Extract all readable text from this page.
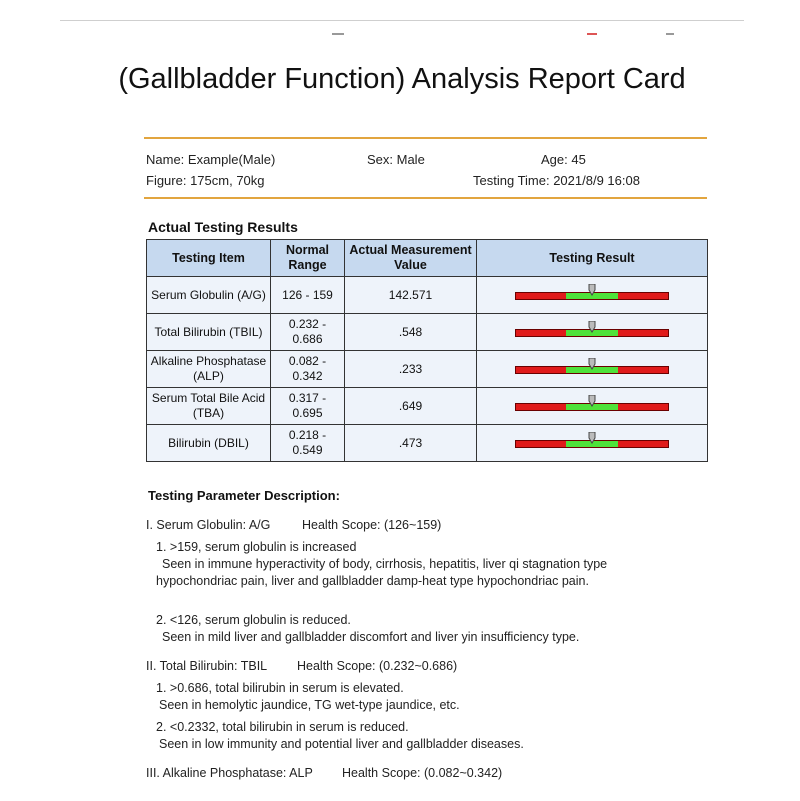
(Gallbladder Function) Analysis Report Card
Name: Example(Male)	Sex: Male	Age: 45
Figure: 175cm, 70kg	Testing Time: 2021/8/9 16:08
Actual Testing Results
Testing Item	Normal Range	Actual Measurement Value	Testing Result
Serum Globulin (A/G)	126 - 159	142.571	

Total Bilirubin (TBIL)	0.232 - 0.686	.548	

Alkaline Phosphatase (ALP)	0.082 - 0.342	.233	

Serum Total Bile Acid (TBA)	0.317 - 0.695	.649	

Bilirubin (DBIL)	0.218 - 0.549	.473	
Testing Parameter Description:
I. Serum Globulin: A/G	Health Scope: (126~159)
1. >159, serum globulin is increased
Seen in immune hyperactivity of body, cirrhosis, hepatitis, liver qi stagnation type hypochondriac pain, liver and gallbladder damp-heat type hypochondriac pain.
2. <126, serum globulin is reduced.
Seen in mild liver and gallbladder discomfort and liver yin insufficiency type.
II. Total Bilirubin: TBIL Health Scope: (0.232~0.686)
1. >0.686, total bilirubin in serum is elevated.
Seen in hemolytic jaundice, TG wet-type jaundice, etc.
2. <0.2332, total bilirubin in serum is reduced.
Seen in low immunity and potential liver and gallbladder diseases.
III. Alkaline Phosphatase: ALP Health Scope: (0.082~0.342)
